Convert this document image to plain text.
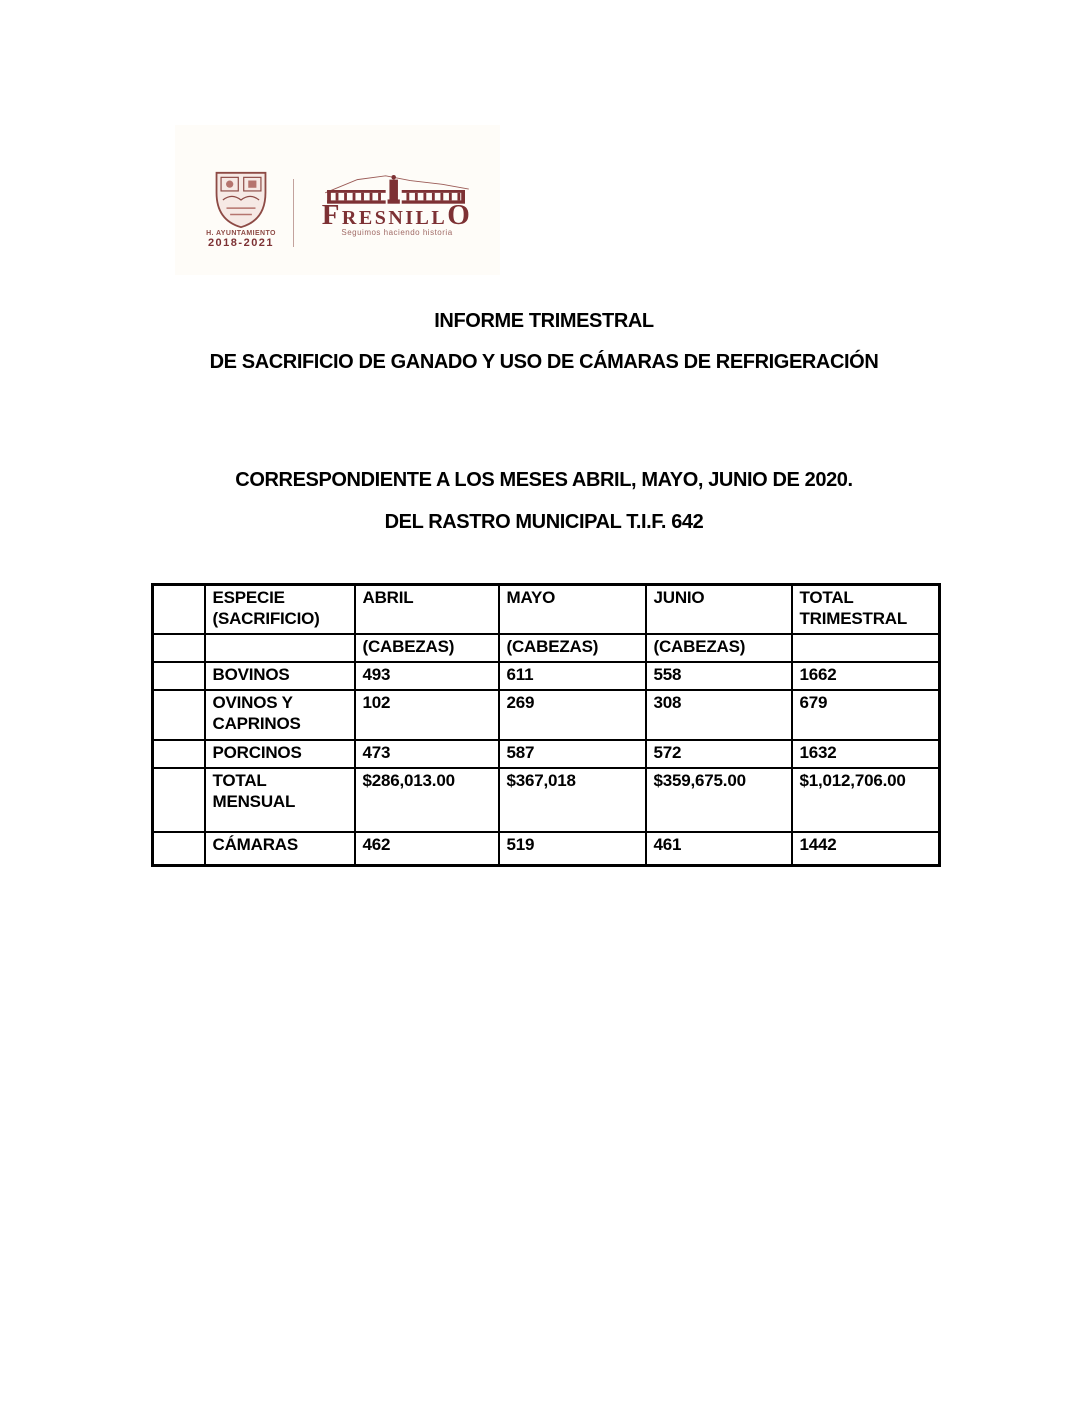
H. AYUNTAMIENTO
2018-2021
FRESNILLO
Seguimos haciendo historia
INFORME TRIMESTRAL
DE SACRIFICIO DE GANADO Y USO DE CÁMARAS DE REFRIGERACIÓN
CORRESPONDIENTE A LOS MESES ABRIL, MAYO, JUNIO DE 2020.
DEL RASTRO MUNICIPAL T.I.F. 642
	ESPECIE (SACRIFICIO)	ABRIL	MAYO	JUNIO	TOTAL TRIMESTRAL
		(CABEZAS)	(CABEZAS)	(CABEZAS)	
	BOVINOS	493	611	558	1662
	OVINOS Y CAPRINOS	102	269	308	679
	PORCINOS	473	587	572	1632
	TOTAL MENSUAL	$286,013.00	$367,018	$359,675.00	$1,012,706.00
	CÁMARAS	462	519	461	1442
